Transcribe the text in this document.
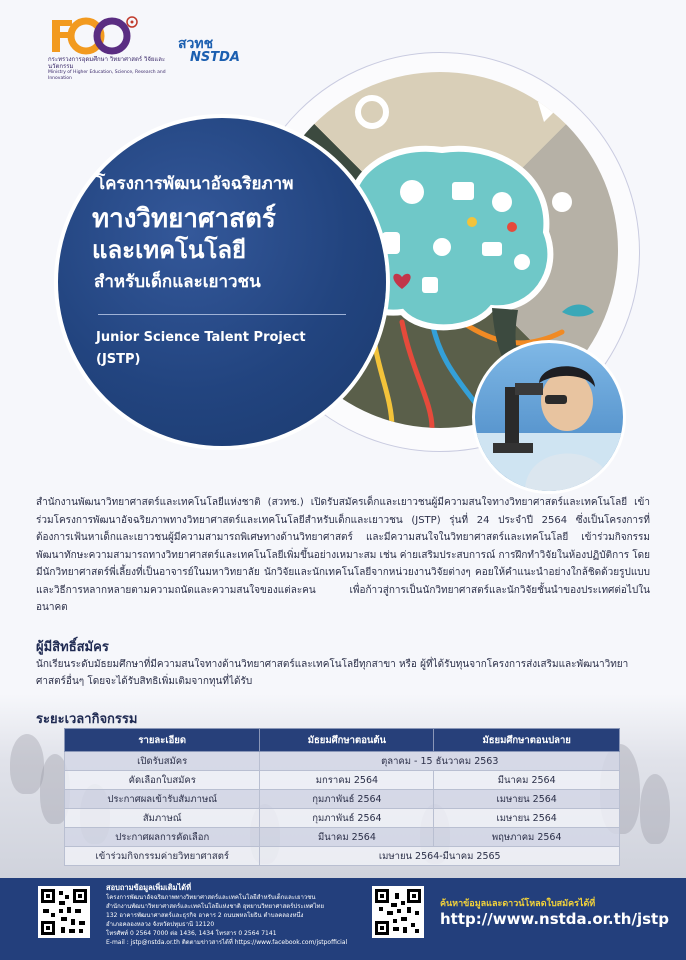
กระทรวงการอุดมศึกษา วิทยาศาสตร์ วิจัยและนวัตกรรม
Ministry of Higher Education, Science, Research and Innovation
สวทช
NSTDA
โครงการพัฒนาอัจฉริยภาพ
ทางวิทยาศาสตร์
และเทคโนโลยี
สำหรับเด็กและเยาวชน
Junior Science Talent Project
(JSTP)
สำนักงานพัฒนาวิทยาศาสตร์และเทคโนโลยีแห่งชาติ (สวทช.) เปิดรับสมัครเด็กและเยาวชนผู้มีความสนใจทางวิทยาศาสตร์และเทคโนโลยี เข้าร่วมโครงการพัฒนาอัจฉริยภาพทางวิทยาศาสตร์และเทคโนโลยีสำหรับเด็กและเยาวชน (JSTP) รุ่นที่ 24 ประจำปี 2564 ซึ่งเป็นโครงการที่ต้องการเฟ้นหาเด็กและเยาวชนผู้มีความสามารถพิเศษทางด้านวิทยาศาสตร์ และมีความสนใจในวิทยาศาสตร์และเทคโนโลยี เข้าร่วมกิจกรรมพัฒนาทักษะความสามารถทางวิทยาศาสตร์และเทคโนโลยีเพิ่มขึ้นอย่างเหมาะสม เช่น ค่ายเสริมประสบการณ์ การฝึกทำวิจัยในห้องปฏิบัติการ โดยมีนักวิทยาศาสตร์พี่เลี้ยงที่เป็นอาจารย์ในมหาวิทยาลัย นักวิจัยและนักเทคโนโลยีจากหน่วยงานวิจัยต่างๆ คอยให้คำแนะนำอย่างใกล้ชิดด้วยรูปแบบและวิธีการหลากหลายตามความถนัดและความสนใจของแต่ละคน เพื่อก้าวสู่การเป็นนักวิทยาศาสตร์และนักวิจัยชั้นนำของประเทศต่อไปในอนาคต
ผู้มีสิทธิ์สมัคร
นักเรียนระดับมัธยมศึกษาที่มีความสนใจทางด้านวิทยาศาสตร์และเทคโนโลยีทุกสาขา หรือ ผู้ที่ได้รับทุนจากโครงการส่งเสริมและพัฒนาวิทยาศาสตร์อื่นๆ โดยจะได้รับสิทธิเพิ่มเติมจากทุนที่ได้รับ
ระยะเวลากิจกรรม
รายละเอียด	มัธยมศึกษาตอนต้น	มัธยมศึกษาตอนปลาย
เปิดรับสมัคร	ตุลาคม - 15 ธันวาคม 2563	
คัดเลือกใบสมัคร	มกราคม 2564	มีนาคม 2564
ประกาศผลเข้ารับสัมภาษณ์	กุมภาพันธ์ 2564	เมษายน 2564
สัมภาษณ์	กุมภาพันธ์ 2564	เมษายน 2564
ประกาศผลการคัดเลือก	มีนาคม 2564	พฤษภาคม 2564
เข้าร่วมกิจกรรมค่ายวิทยาศาสตร์	เมษายน 2564-มีนาคม 2565	
สอบถามข้อมูลเพิ่มเติมได้ที่
โครงการพัฒนาอัจฉริยภาพทางวิทยาศาสตร์และเทคโนโลยีสำหรับเด็กและเยาวชน
สำนักงานพัฒนาวิทยาศาสตร์และเทคโนโลยีแห่งชาติ อุทยานวิทยาศาสตร์ประเทศไทย
132 อาคารพัฒนาศาสตร์และธุรกิจ อาคาร 2 ถนนพหลโยธิน ตำบลคลองหนึ่ง
อำเภอคลองหลวง จังหวัดปทุมธานี 12120
โทรศัพท์ 0 2564 7000 ต่อ 1436, 1434 โทรสาร 0 2564 7141
E-mail : jstp@nstda.or.th ติดตามข่าวสารได้ที่ https://www.facebook.com/jstpofficial
ค้นหาข้อมูลและดาวน์โหลดใบสมัครได้ที่
http://www.nstda.or.th/jstp
